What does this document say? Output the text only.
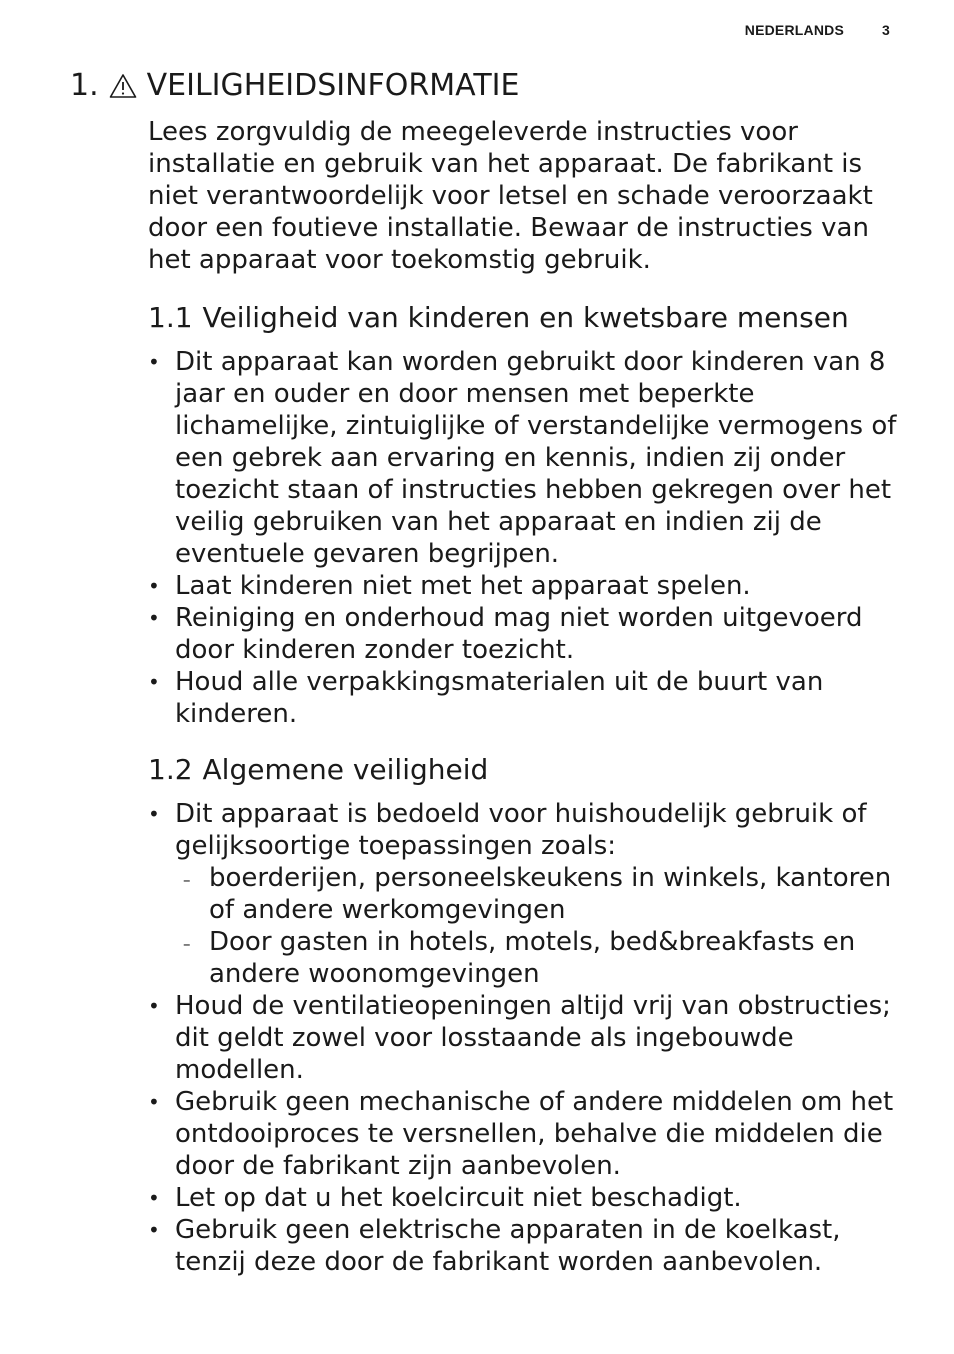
NEDERLANDS	3
1. VEILIGHEIDSINFORMATIE

Lees zorgvuldig de meegeleverde instructies voor installatie en gebruik van het apparaat. De fabrikant is niet verantwoordelijk voor letsel en schade veroorzaakt door een foutieve installatie. Bewaar de instructies van het apparaat voor toekomstig gebruik.

1.1 Veiligheid van kinderen en kwetsbare mensen
• Dit apparaat kan worden gebruikt door kinderen van 8 jaar en ouder en door mensen met beperkte lichamelijke, zintuiglijke of verstandelijke vermogens of een gebrek aan ervaring en kennis, indien zij onder toezicht staan of instructies hebben gekregen over het veilig gebruiken van het apparaat en indien zij de eventuele gevaren begrijpen.
• Laat kinderen niet met het apparaat spelen.
• Reiniging en onderhoud mag niet worden uitgevoerd door kinderen zonder toezicht.
• Houd alle verpakkingsmaterialen uit de buurt van kinderen.
1.2 Algemene veiligheid
• Dit apparaat is bedoeld voor huishoudelijk gebruik of gelijksoortige toepassingen zoals:
– boerderijen, personeelskeukens in winkels, kantoren of andere werkomgevingen
– Door gasten in hotels, motels, bed&breakfasts en andere woonomgevingen
• Houd de ventilatieopeningen altijd vrij van obstructies; dit geldt zowel voor losstaande als ingebouwde modellen.
• Gebruik geen mechanische of andere middelen om het ontdooiproces te versnellen, behalve die middelen die door de fabrikant zijn aanbevolen.
• Let op dat u het koelcircuit niet beschadigt.
• Gebruik geen elektrische apparaten in de koelkast, tenzij deze door de fabrikant worden aanbevolen.
